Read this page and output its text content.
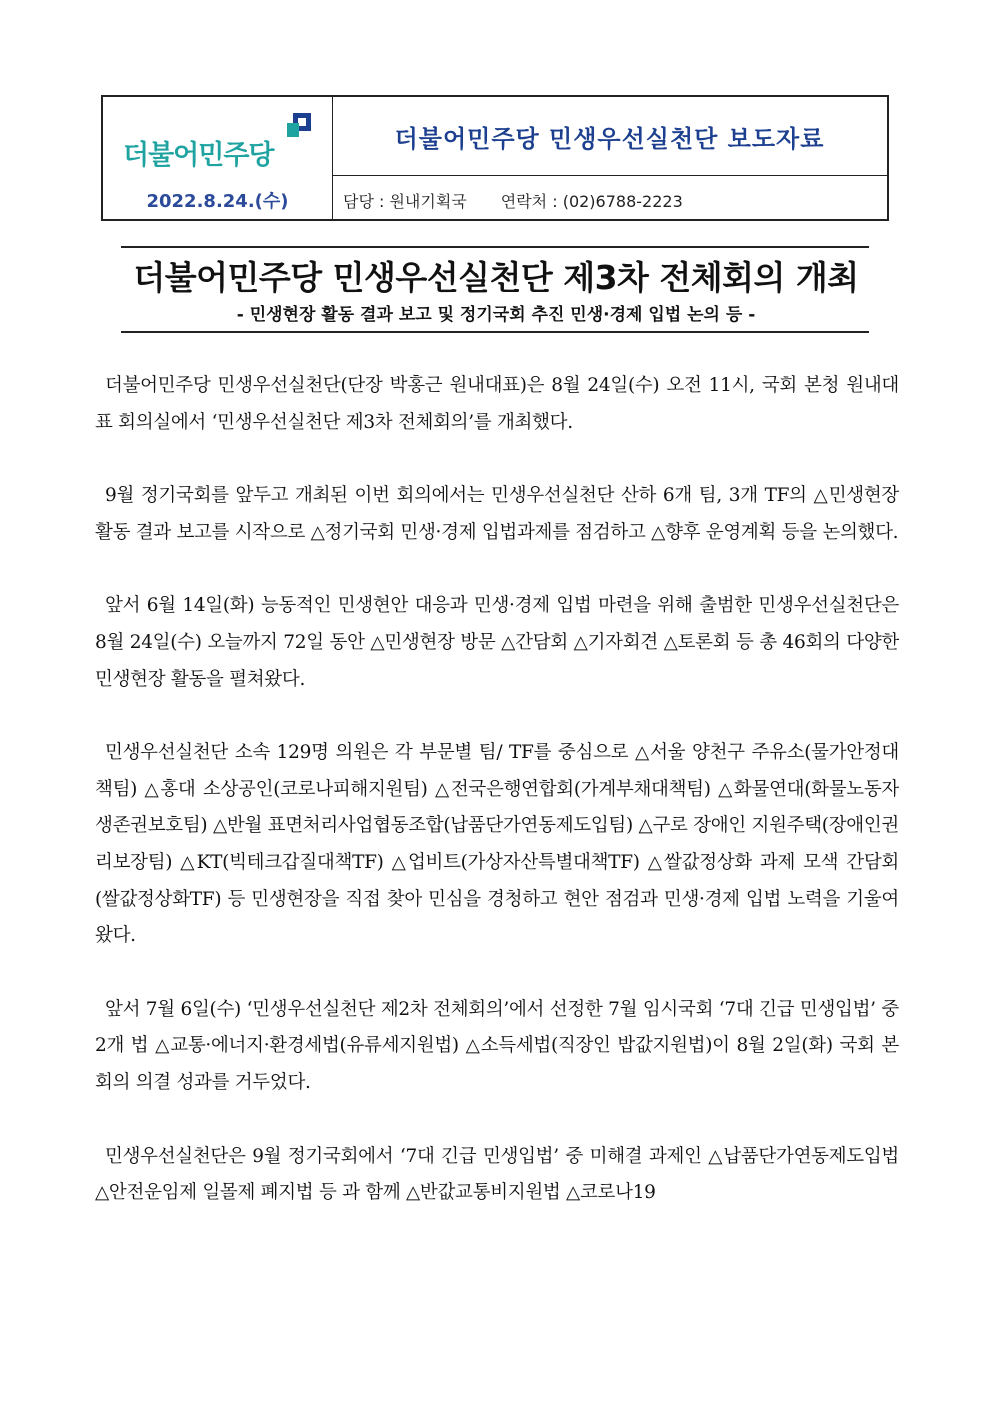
더불어민주당
2022.8.24.(수)
더불어민주당 민생우선실천단 보도자료
담당 : 원내기획국 연락처 : (02)6788-2223
더불어민주당 민생우선실천단 제3차 전체회의 개최
- 민생현장 활동 결과 보고 및 정기국회 추진 민생·경제 입법 논의 등 -

더불어민주당 민생우선실천단(단장 박홍근 원내대표)은 8월 24일(수) 오전 11시, 국회 본청 원내대표 회의실에서 ‘민생우선실천단 제3차 전체회의’를 개최했다.

9월 정기국회를 앞두고 개최된 이번 회의에서는 민생우선실천단 산하 6개 팀, 3개 TF의 △민생현장 활동 결과 보고를 시작으로 △정기국회 민생·경제 입법과제를 점검하고 △향후 운영계획 등을 논의했다.

앞서 6월 14일(화) 능동적인 민생현안 대응과 민생·경제 입법 마련을 위해 출범한 민생우선실천단은 8월 24일(수) 오늘까지 72일 동안 △민생현장 방문 △간담회 △기자회견 △토론회 등 총 46회의 다양한 민생현장 활동을 펼쳐왔다.

민생우선실천단 소속 129명 의원은 각 부문별 팀/ TF를 중심으로 △서울 양천구 주유소(물가안정대책팀) △홍대 소상공인(코로나피해지원팀) △전국은행연합회(가계부채대책팀) △화물연대(화물노동자생존권보호팀) △반월 표면처리사업협동조합(납품단가연동제도입팀) △구로 장애인 지원주택(장애인권리보장팀) △KT(빅테크갑질대책TF) △업비트(가상자산특별대책TF) △쌀값정상화 과제 모색 간담회(쌀값정상화TF) 등 민생현장을 직접 찾아 민심을 경청하고 현안 점검과 민생·경제 입법 노력을 기울여왔다.

앞서 7월 6일(수) ‘민생우선실천단 제2차 전체회의’에서 선정한 7월 임시국회 ‘7대 긴급 민생입법’ 중 2개 법 △교통·에너지·환경세법(유류세지원법) △소득세법(직장인 밥값지원법)이 8월 2일(화) 국회 본회의 의결 성과를 거두었다.

민생우선실천단은 9월 정기국회에서 ‘7대 긴급 민생입법’ 중 미해결 과제인 △납품단가연동제도입법 △안전운임제 일몰제 폐지법 등 과 함께 △반값교통비지원법 △코로나19
